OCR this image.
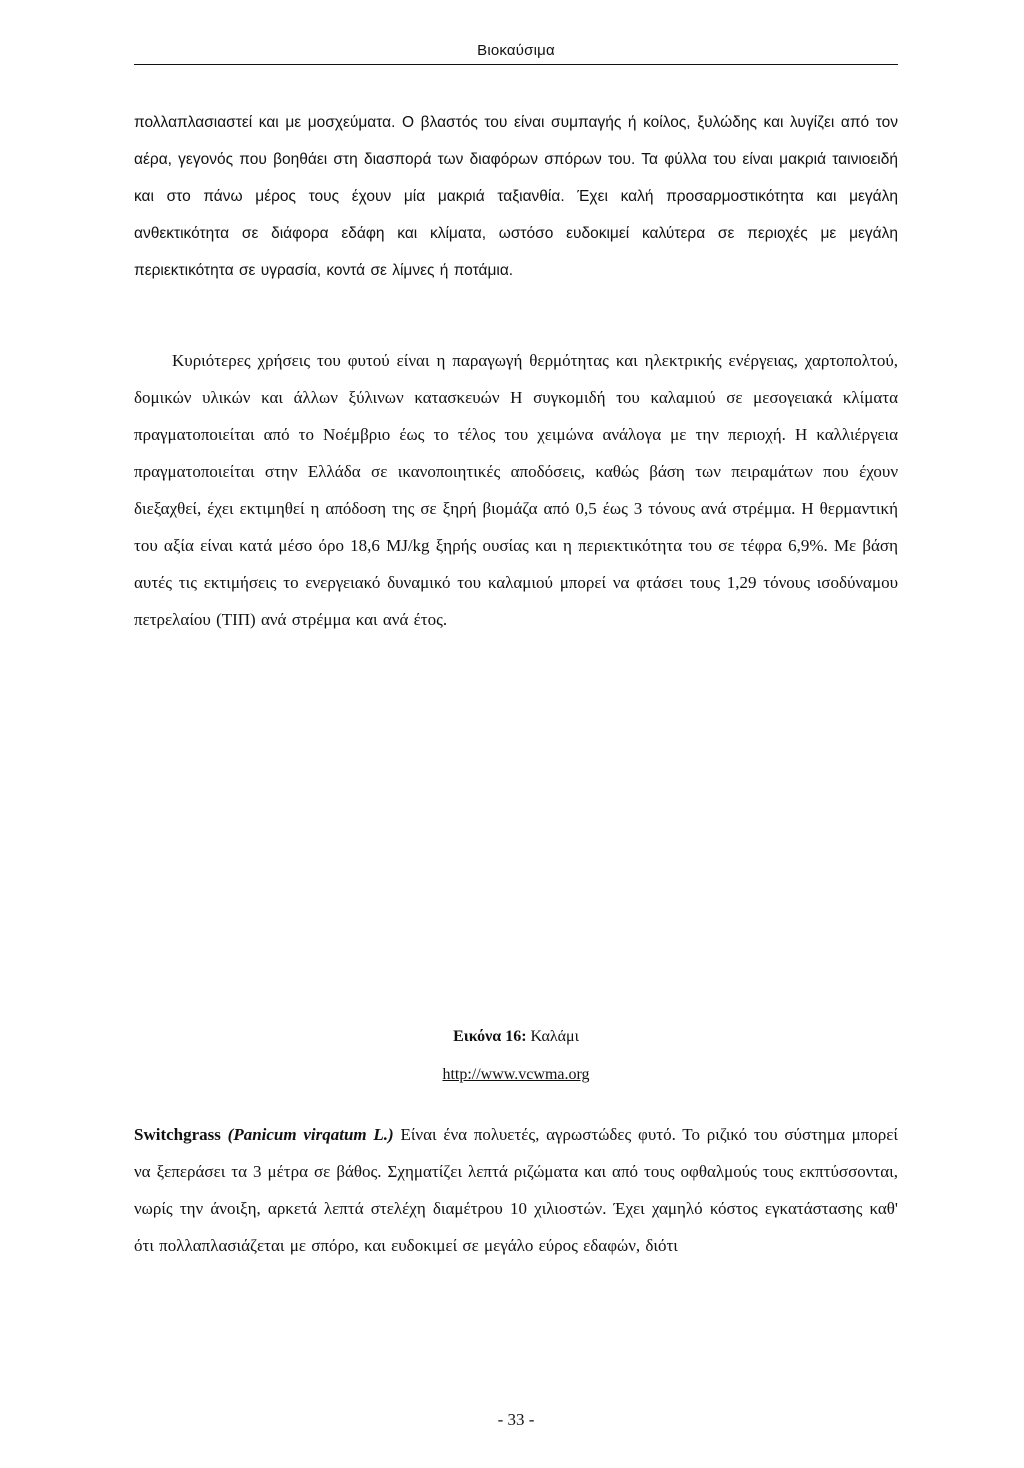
Βιοκαύσιμα

πολλαπλασιαστεί και με μοσχεύματα. Ο βλαστός του είναι συμπαγής ή κοίλος, ξυλώδης και λυγίζει από τον αέρα, γεγονός που βοηθάει στη διασπορά των διαφόρων σπόρων του. Τα φύλλα του είναι μακριά ταινιοειδή και στο πάνω μέρος τους έχουν μία μακριά ταξιανθία. Έχει καλή προσαρμοστικότητα και μεγάλη ανθεκτικότητα σε διάφορα εδάφη και κλίματα, ωστόσο ευδοκιμεί καλύτερα σε περιοχές με μεγάλη περιεκτικότητα σε υγρασία, κοντά σε λίμνες ή ποτάμια.

Κυριότερες χρήσεις του φυτού είναι η παραγωγή θερμότητας και ηλεκτρικής ενέργειας, χαρτοπολτού, δομικών υλικών και άλλων ξύλινων κατασκευών Η συγκομιδή του καλαμιού σε μεσογειακά κλίματα πραγματοποιείται από το Νοέμβριο έως το τέλος του χειμώνα ανάλογα με την περιοχή. Η καλλιέργεια πραγματοποιείται στην Ελλάδα σε ικανοποιητικές αποδόσεις, καθώς βάση των πειραμάτων που έχουν διεξαχθεί, έχει εκτιμηθεί η απόδοση της σε ξηρή βιομάζα από 0,5 έως 3 τόνους ανά στρέμμα. Η θερμαντική του αξία είναι κατά μέσο όρο 18,6 MJ/kg ξηρής ουσίας και η περιεκτικότητα του σε τέφρα 6,9%. Με βάση αυτές τις εκτιμήσεις το ενεργειακό δυναμικό του καλαμιού μπορεί να φτάσει τους 1,29 τόνους ισοδύναμου πετρελαίου (ΤΙΠ) ανά στρέμμα και ανά έτος.

Εικόνα 16: Καλάμι
http://www.vcwma.org

Switchgrass (Panicum virqatum L.) Είναι ένα πολυετές, αγρωστώδες φυτό. Το ριζικό του σύστημα μπορεί να ξεπεράσει τα 3 μέτρα σε βάθος. Σχηματίζει λεπτά ριζώματα και από τους οφθαλμούς τους εκπτύσσονται, νωρίς την άνοιξη, αρκετά λεπτά στελέχη διαμέτρου 10 χιλιοστών. Έχει χαμηλό κόστος εγκατάστασης καθ' ότι πολλαπλασιάζεται με σπόρο, και ευδοκιμεί σε μεγάλο εύρος εδαφών, διότι

- 33 -
